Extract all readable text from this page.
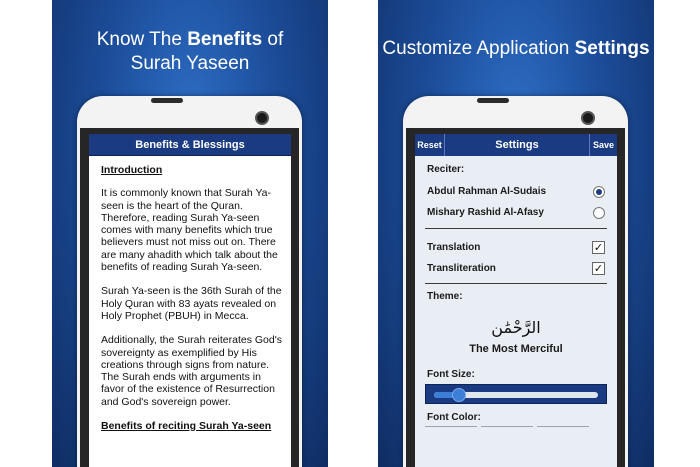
Know The Benefits of
Surah Yaseen
Benefits & Blessings
Introduction

It is commonly known that Surah Ya-seen is the heart of the Quran. Therefore, reading Surah Ya-seen comes with many benefits which true believers must not miss out on. There are many ahadith which talk about the benefits of reading Surah Ya-seen.

Surah Ya-seen is the 36th Surah of the Holy Quran with 83 ayats revealed on Holy Prophet (PBUH) in Mecca.

Additionally, the Surah reiterates God's sovereignty as exemplified by His creations through signs from nature. The Surah ends with arguments in favor of the existence of Resurrection and God's sovereign power.

Benefits of reciting Surah Ya-seen
Customize Application Settings
Reset	Settings	Save
Reciter:
Abdul Rahman Al-Sudais
Mishary Rashid Al-Afasy
Translation	✓
Transliteration	✓
Theme:
الرَّحْمَٰن
The Most Merciful
Font Size:
Font Color:
